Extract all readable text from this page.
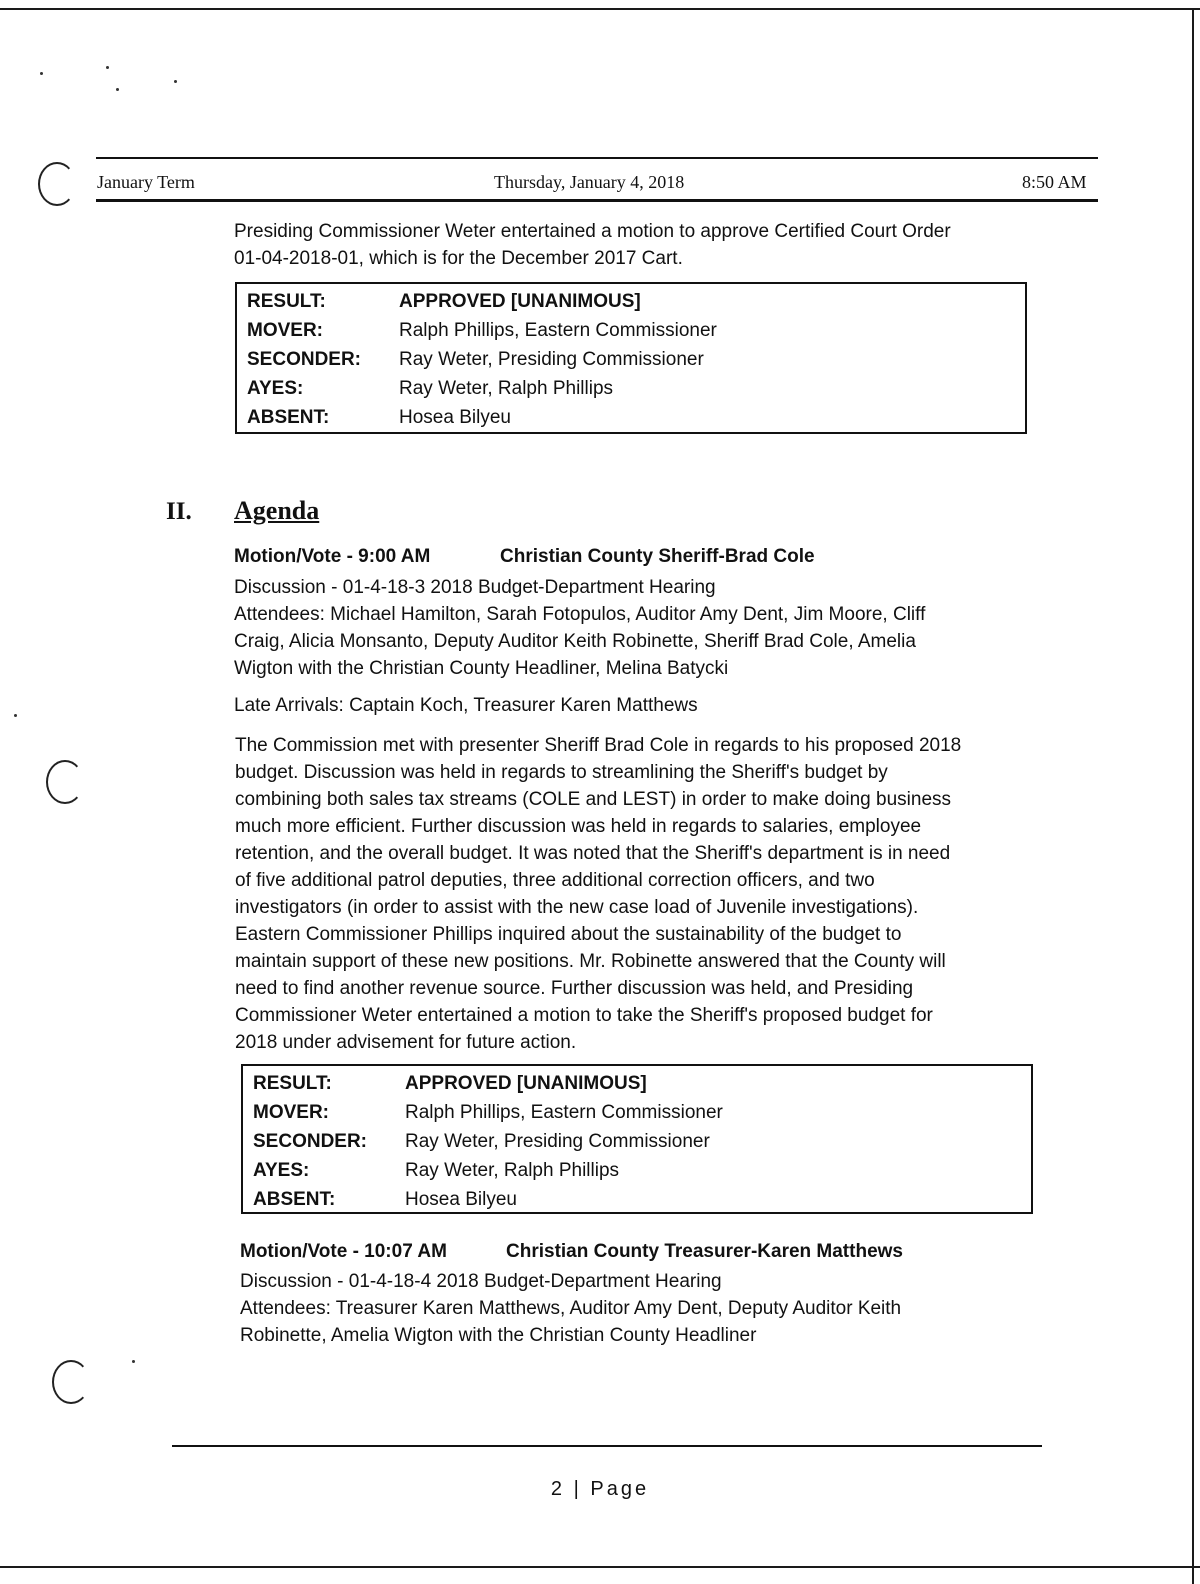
January Term	Thursday, January 4, 2018	8:50 AM

Presiding Commissioner Weter entertained a motion to approve Certified Court Order
01-04-2018-01, which is for the December 2017 Cart.

RESULT:	APPROVED [UNANIMOUS]
MOVER:	Ralph Phillips, Eastern Commissioner
SECONDER:	Ray Weter, Presiding Commissioner
AYES:	Ray Weter, Ralph Phillips
ABSENT:	Hosea Bilyeu
II. Agenda
Motion/Vote - 9:00 AM	Christian County Sheriff-Brad Cole

Discussion - 01-4-18-3 2018 Budget-Department Hearing
Attendees: Michael Hamilton, Sarah Fotopulos, Auditor Amy Dent, Jim Moore, Cliff
Craig, Alicia Monsanto, Deputy Auditor Keith Robinette, Sheriff Brad Cole, Amelia
Wigton with the Christian County Headliner, Melina Batycki

Late Arrivals: Captain Koch, Treasurer Karen Matthews

The Commission met with presenter Sheriff Brad Cole in regards to his proposed 2018
budget. Discussion was held in regards to streamlining the Sheriff's budget by
combining both sales tax streams (COLE and LEST) in order to make doing business
much more efficient. Further discussion was held in regards to salaries, employee
retention, and the overall budget. It was noted that the Sheriff's department is in need
of five additional patrol deputies, three additional correction officers, and two
investigators (in order to assist with the new case load of Juvenile investigations).
Eastern Commissioner Phillips inquired about the sustainability of the budget to
maintain support of these new positions. Mr. Robinette answered that the County will
need to find another revenue source. Further discussion was held, and Presiding
Commissioner Weter entertained a motion to take the Sheriff's proposed budget for
2018 under advisement for future action.

RESULT:	APPROVED [UNANIMOUS]
MOVER:	Ralph Phillips, Eastern Commissioner
SECONDER:	Ray Weter, Presiding Commissioner
AYES:	Ray Weter, Ralph Phillips
ABSENT:	Hosea Bilyeu
Motion/Vote - 10:07 AM	Christian County Treasurer-Karen Matthews

Discussion - 01-4-18-4 2018 Budget-Department Hearing
Attendees: Treasurer Karen Matthews, Auditor Amy Dent, Deputy Auditor Keith
Robinette, Amelia Wigton with the Christian County Headliner

2 | Page
